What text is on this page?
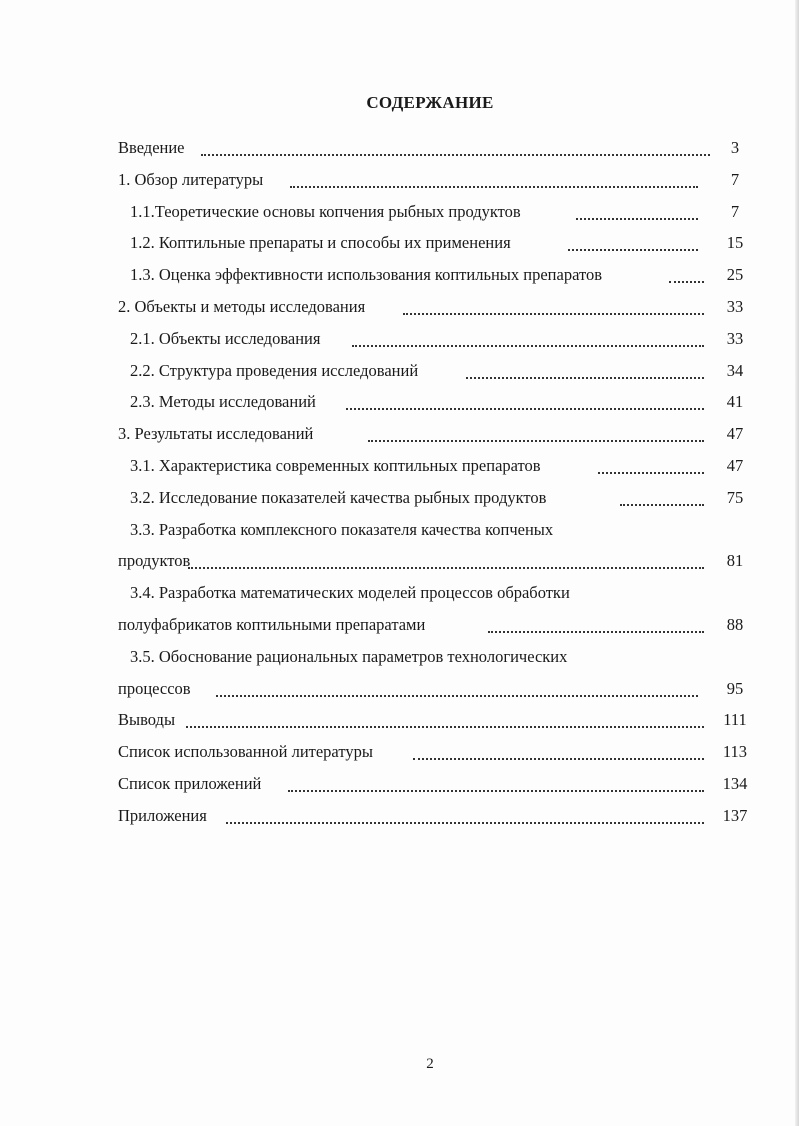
СОДЕРЖАНИЕ
Введение	3
1. Обзор литературы	7
1.1.Теоретические основы копчения рыбных продуктов	7
1.2. Коптильные препараты и способы их применения	15
1.3. Оценка эффективности использования коптильных препаратов	25
2. Объекты и методы исследования	33
2.1. Объекты исследования	33
2.2. Структура проведения исследований	34
2.3. Методы исследований	41
3. Результаты исследований	47
3.1. Характеристика современных коптильных препаратов	47
3.2. Исследование показателей качества рыбных продуктов	75
3.3. Разработка комплексного показателя качества копченых
продуктов	81
3.4. Разработка математических моделей процессов обработки
полуфабрикатов коптильными препаратами	88
3.5. Обоснование рациональных параметров технологических
процессов	95
Выводы	111
Список использованной литературы	113
Список приложений	134
Приложения	137
2
